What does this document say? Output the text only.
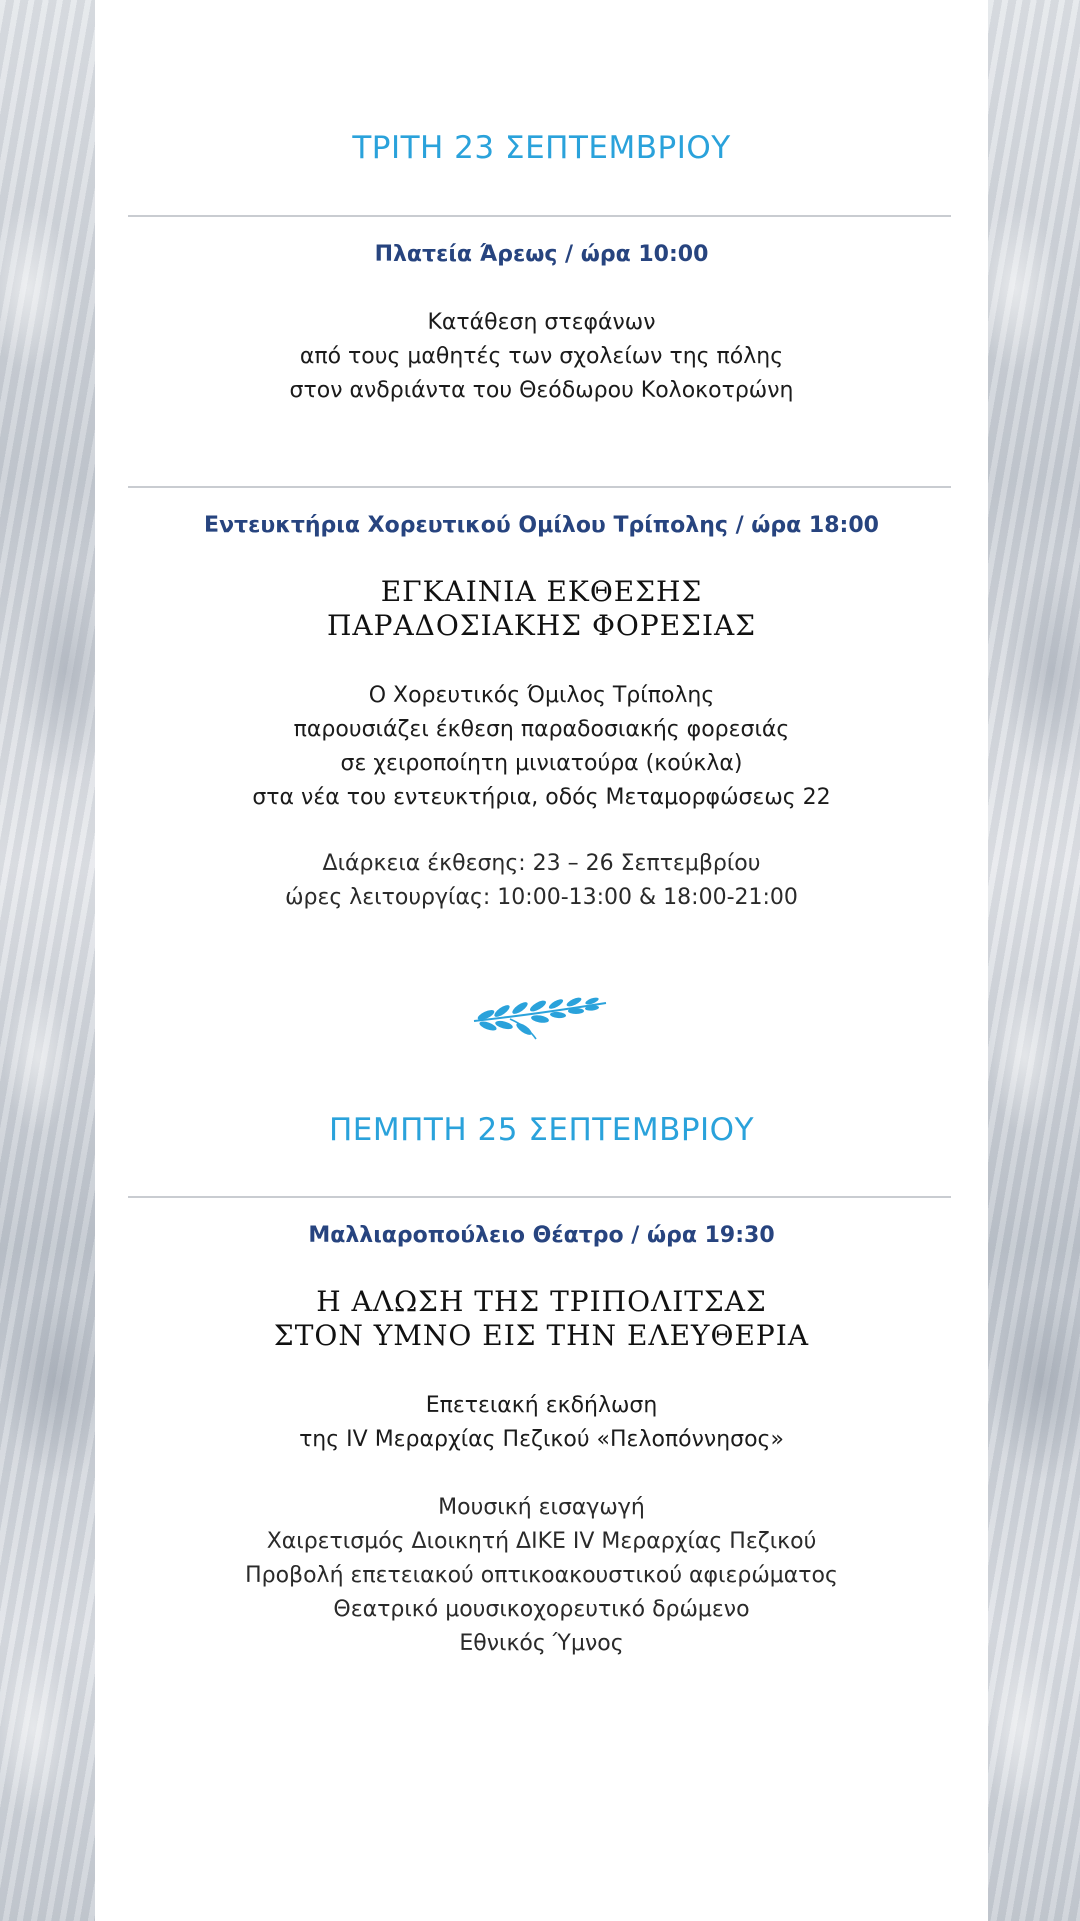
ΤΡΙΤΗ 23 ΣΕΠΤΕΜΒΡΙΟΥ
Πλατεία Άρεως / ώρα 10:00
Κατάθεση στεφάνων
από τους μαθητές των σχολείων της πόλης
στον ανδριάντα του Θεόδωρου Κολοκοτρώνη
Εντευκτήρια Χορευτικού Ομίλου Τρίπολης / ώρα 18:00
ΕΓΚΑΙΝΙΑ ΕΚΘΕΣΗΣ
ΠΑΡΑΔΟΣΙΑΚΗΣ ΦΟΡΕΣΙΑΣ
Ο Χορευτικός Όμιλος Τρίπολης
παρουσιάζει έκθεση παραδοσιακής φορεσιάς
σε χειροποίητη μινιατούρα (κούκλα)
στα νέα του εντευκτήρια, οδός Μεταμορφώσεως 22
Διάρκεια έκθεσης: 23 – 26 Σεπτεμβρίου
ώρες λειτουργίας: 10:00-13:00 & 18:00-21:00
ΠΕΜΠΤΗ 25 ΣΕΠΤΕΜΒΡΙΟΥ
Μαλλιαροπούλειο Θέατρο / ώρα 19:30
Η ΑΛΩΣΗ ΤΗΣ ΤΡΙΠΟΛΙΤΣΑΣ
ΣΤΟΝ ΥΜΝΟ ΕΙΣ ΤΗΝ ΕΛΕΥΘΕΡΙΑ
Επετειακή εκδήλωση
της IV Μεραρχίας Πεζικού «Πελοπόννησος»
Μουσική εισαγωγή
Χαιρετισμός Διοικητή ΔΙΚΕ IV Μεραρχίας Πεζικού
Προβολή επετειακού οπτικοακουστικού αφιερώματος
Θεατρικό μουσικοχορευτικό δρώμενο
Εθνικός Ύμνος
